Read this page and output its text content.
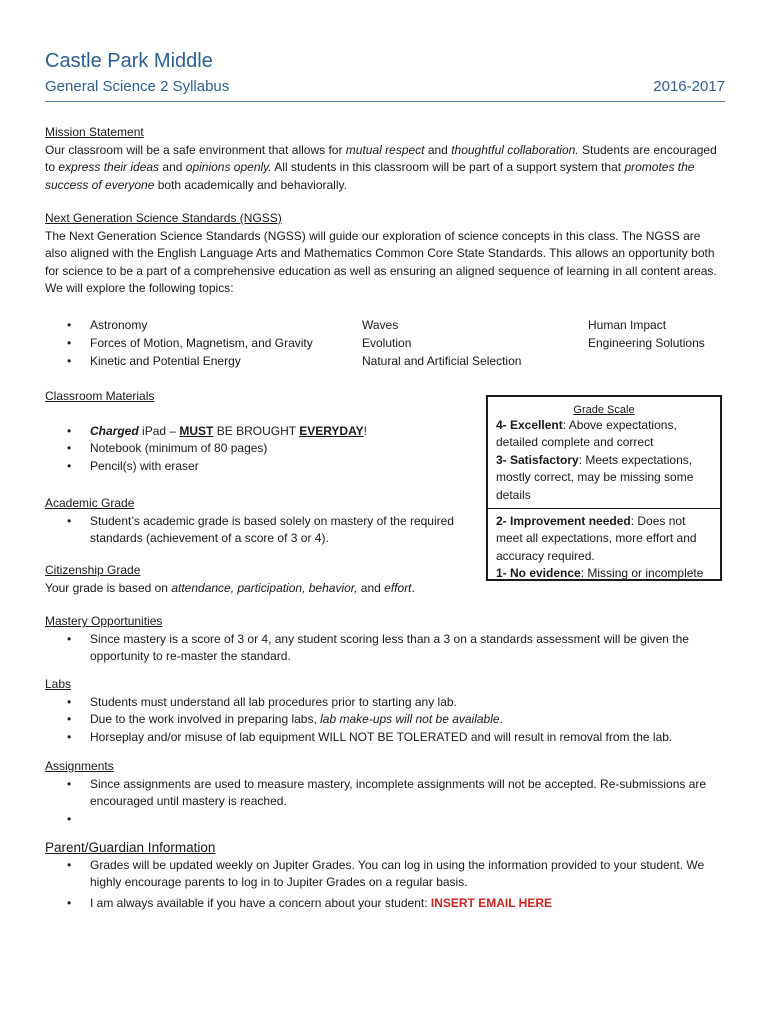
Castle Park Middle
General Science 2 Syllabus	2016-2017
Mission Statement
Our classroom will be a safe environment that allows for mutual respect and thoughtful collaboration. Students are encouraged to express their ideas and opinions openly. All students in this classroom will be part of a support system that promotes the success of everyone both academically and behaviorally.
Next Generation Science Standards (NGSS)
The Next Generation Science Standards (NGSS) will guide our exploration of science concepts in this class. The NGSS are also aligned with the English Language Arts and Mathematics Common Core State Standards. This allows an opportunity both for science to be a part of a comprehensive education as well as ensuring an aligned sequence of learning in all content areas. We will explore the following topics:
• Astronomy
• Forces of Motion, Magnetism, and Gravity
• Kinetic and Potential Energy
Waves
Evolution
Natural and Artificial Selection
Human Impact
Engineering Solutions
Classroom Materials
• Charged iPad – MUST BE BROUGHT EVERYDAY!
• Notebook (minimum of 80 pages)
• Pencil(s) with eraser
Academic Grade
• Student’s academic grade is based solely on mastery of the required standards (achievement of a score of 3 or 4).
Citizenship Grade
Your grade is based on attendance, participation, behavior, and effort.
Grade Scale
4- Excellent: Above expectations, detailed complete and correct
3- Satisfactory: Meets expectations, mostly correct, may be missing some details
2- Improvement needed: Does not meet all expectations, more effort and accuracy required.
1- No evidence: Missing or incomplete
Mastery Opportunities
• Since mastery is a score of 3 or 4, any student scoring less than a 3 on a standards assessment will be given the opportunity to re-master the standard.
Labs
• Students must understand all lab procedures prior to starting any lab.
• Due to the work involved in preparing labs, lab make-ups will not be available.
• Horseplay and/or misuse of lab equipment WILL NOT BE TOLERATED and will result in removal from the lab.
Assignments
• Since assignments are used to measure mastery, incomplete assignments will not be accepted. Re-submissions are encouraged until mastery is reached.
•
Parent/Guardian Information
• Grades will be updated weekly on Jupiter Grades. You can log in using the information provided to your student. We highly encourage parents to log in to Jupiter Grades on a regular basis.
• I am always available if you have a concern about your student: INSERT EMAIL HERE
